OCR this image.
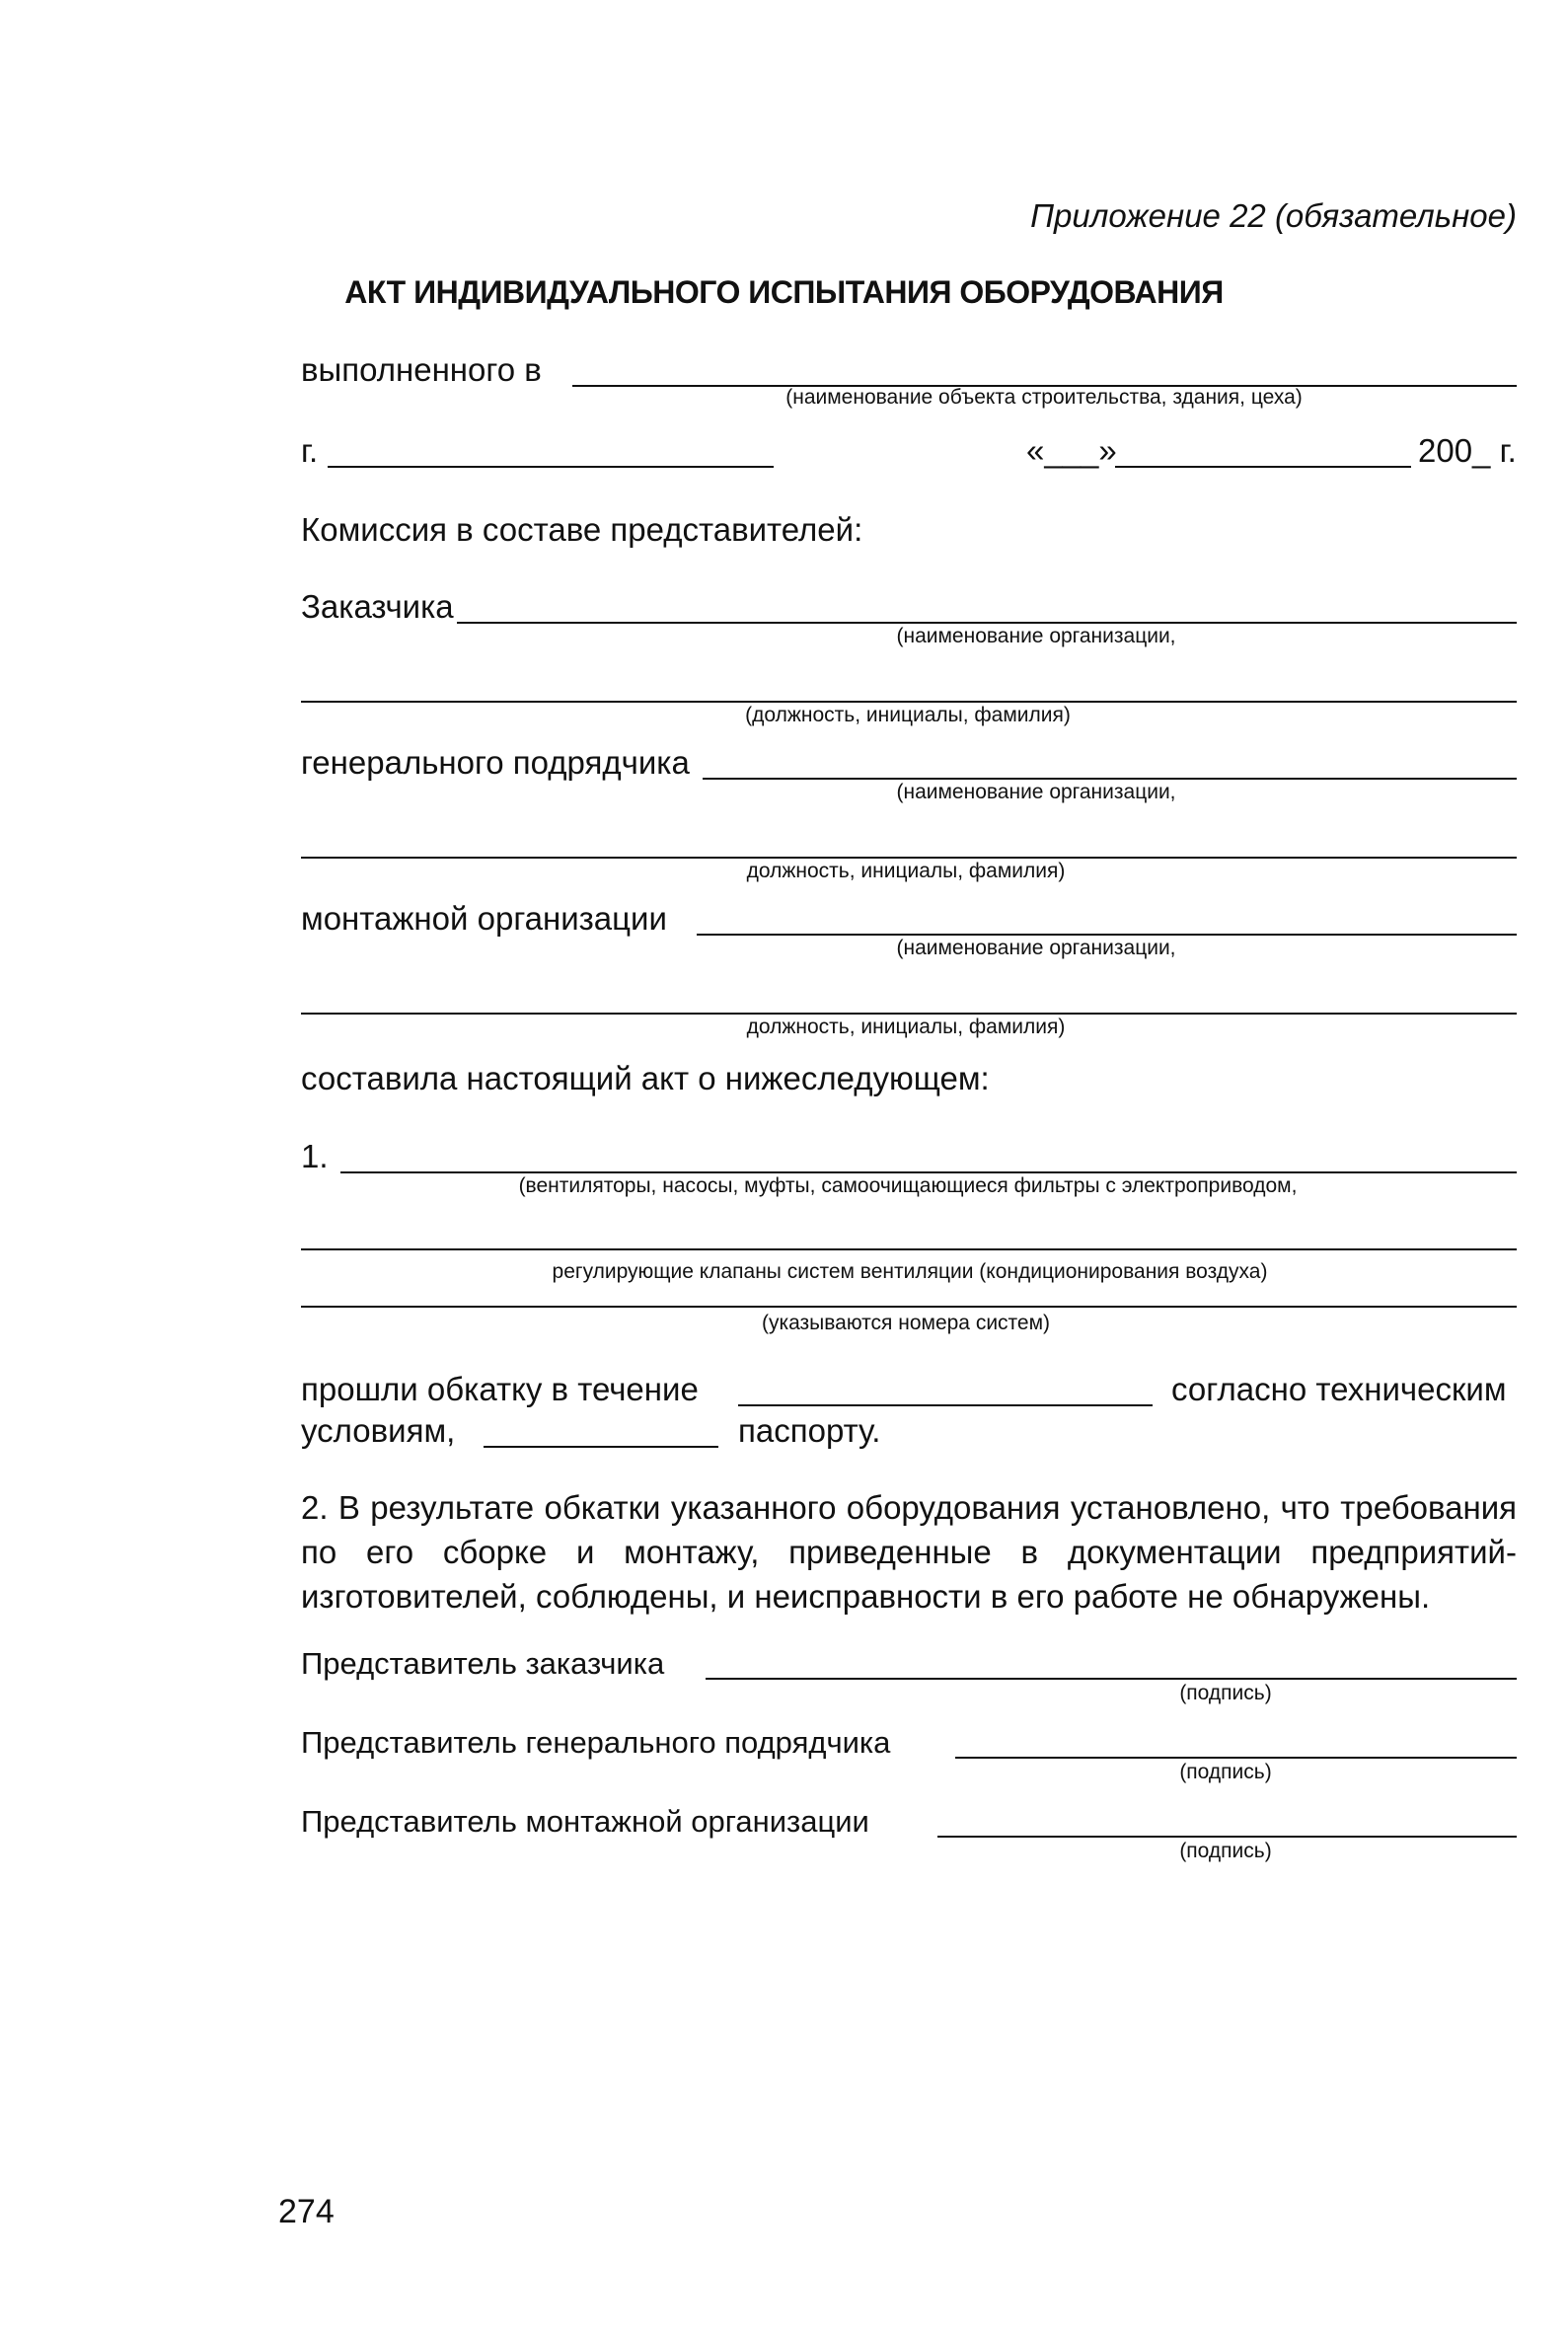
Приложение 22 (обязательное)
АКТ ИНДИВИДУАЛЬНОГО ИСПЫТАНИЯ ОБОРУДОВАНИЯ
выполненного в
(наименование объекта строительства, здания, цеха)
г.	«___»	200_ г.
Комиссия в составе представителей:
Заказчика
(наименование организации,
(должность, инициалы, фамилия)
генерального подрядчика
(наименование организации,
должность, инициалы, фамилия)
монтажной организации
(наименование организации,
должность, инициалы, фамилия)
составила настоящий акт о нижеследующем:
1.
(вентиляторы, насосы, муфты, самоочищающиеся фильтры с электроприводом,
регулирующие клапаны систем вентиляции (кондиционирования воздуха)
(указываются номера систем)
прошли обкатку в течение	согласно техническим
условиям,	паспорту.
2. В результате обкатки указанного оборудования установлено, что требования по его сборке и монтажу, приведенные в документации предприятий-изготовителей, соблюдены, и неисправности в его работе не обнаружены.
Представитель заказчика
(подпись)
Представитель генерального подрядчика
(подпись)
Представитель монтажной организации
(подпись)
274
